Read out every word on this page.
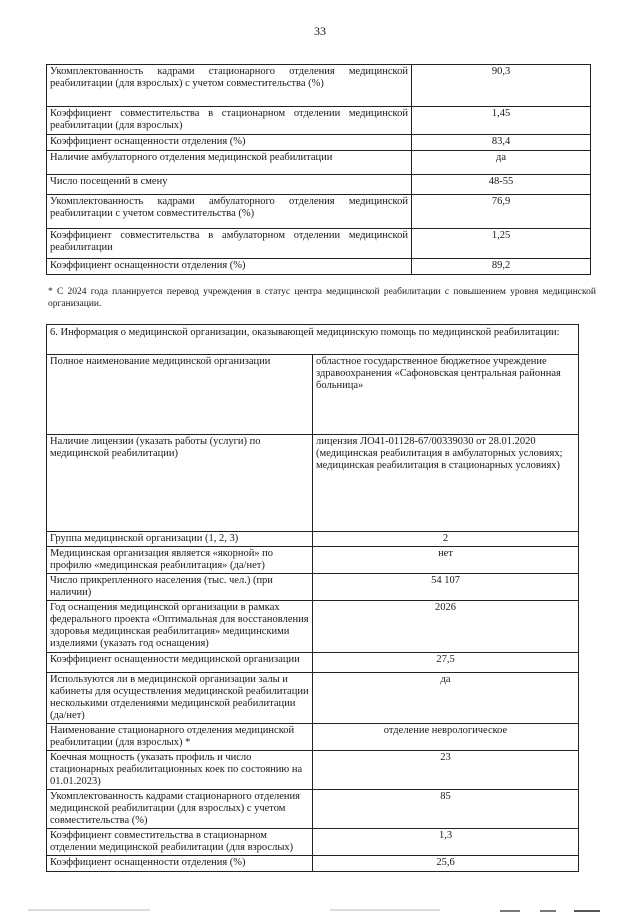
33
Укомплектованность кадрами стационарного отделения медицинской реабилитации (для взрослых) с учетом совместительства (%)	90,3
Коэффициент совместительства в стационарном отделении медицинской реабилитации (для взрослых)	1,45
Коэффициент оснащенности отделения (%)	83,4
Наличие амбулаторного отделения медицинской реабилитации	да
Число посещений в смену	48-55
Укомплектованность кадрами амбулаторного отделения медицинской реабилитации с учетом совместительства (%)	76,9
Коэффициент совместительства в амбулаторном отделении медицинской реабилитации	1,25
Коэффициент оснащенности отделения (%)	89,2
* С 2024 года планируется перевод учреждения в статус центра медицинской реабилитации с повышением уровня медицинской организации.
6. Информация о медицинской организации, оказывающей медицинскую помощь по медицинской реабилитации:	
Полное наименование медицинской организации	областное государственное бюджетное учреждение здравоохранения «Сафоновская центральная районная больница»
Наличие лицензии (указать работы (услуги) по медицинской реабилитации)	лицензия ЛО41-01128-67/00339030 от 28.01.2020 (медицинская реабилитация в амбулаторных условиях; медицинская реабилитация в стационарных условиях)
Группа медицинской организации (1, 2, 3)	2
Медицинская организация является «якорной» по профилю «медицинская реабилитация» (да/нет)	нет
Число прикрепленного населения (тыс. чел.) (при наличии)	54 107
Год оснащения медицинской организации в рамках федерального проекта «Оптимальная для восстановления здоровья медицинская реабилитация» медицинскими изделиями (указать год оснащения)	2026
Коэффициент оснащенности медицинской организации	27,5
Используются ли в медицинской организации залы и кабинеты для осуществления медицинской реабилитации несколькими отделениями медицинской реабилитации (да/нет)	да
Наименование стационарного отделения медицинской реабилитации (для взрослых) *	отделение неврологическое
Коечная мощность (указать профиль и число стационарных реабилитационных коек по состоянию на 01.01.2023)	23
Укомплектованность кадрами стационарного отделения медицинской реабилитации (для взрослых) с учетом совместительства (%)	85
Коэффициент совместительства в стационарном отделении медицинской реабилитации (для взрослых)	1,3
Коэффициент оснащенности отделения (%)	25,6
